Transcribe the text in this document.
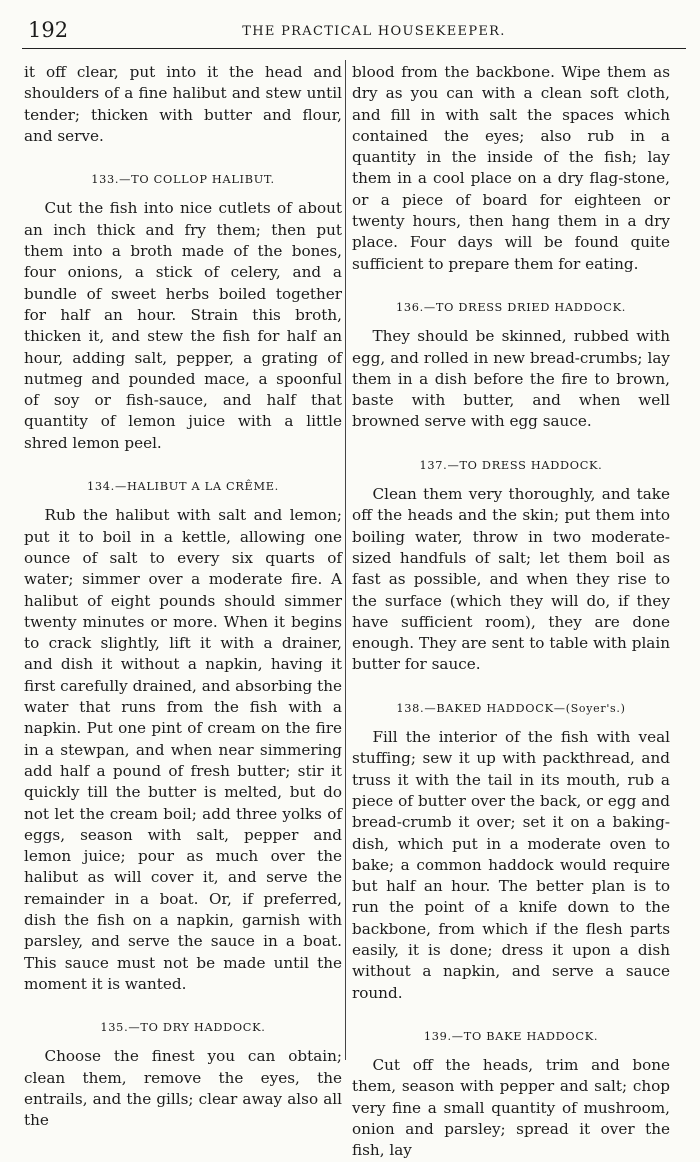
192	THE PRACTICAL HOUSEKEEPER.

it off clear, put into it the head and shoulders of a fine halibut and stew until tender; thicken with butter and flour, and serve.

133.—TO COLLOP HALIBUT.

Cut the fish into nice cutlets of about an inch thick and fry them; then put them into a broth made of the bones, four onions, a stick of celery, and a bundle of sweet herbs boiled together for half an hour. Strain this broth, thicken it, and stew the fish for half an hour, adding salt, pepper, a grating of nutmeg and pounded mace, a spoonful of soy or fish-sauce, and half that quantity of lemon juice with a little shred lemon peel.

134.—HALIBUT A LA CRÊME.

Rub the halibut with salt and lemon; put it to boil in a kettle, allowing one ounce of salt to every six quarts of water; simmer over a moderate fire. A halibut of eight pounds should simmer twenty minutes or more. When it begins to crack slightly, lift it with a drainer, and dish it without a napkin, having it first carefully drained, and absorbing the water that runs from the fish with a napkin. Put one pint of cream on the fire in a stewpan, and when near simmering add half a pound of fresh butter; stir it quickly till the butter is melted, but do not let the cream boil; add three yolks of eggs, season with salt, pepper and lemon juice; pour as much over the halibut as will cover it, and serve the remainder in a boat. Or, if preferred, dish the fish on a napkin, garnish with parsley, and serve the sauce in a boat. This sauce must not be made until the moment it is wanted.

135.—TO DRY HADDOCK.

Choose the finest you can obtain; clean them, remove the eyes, the entrails, and the gills; clear away also all the

blood from the backbone. Wipe them as dry as you can with a clean soft cloth, and fill in with salt the spaces which contained the eyes; also rub in a quantity in the inside of the fish; lay them in a cool place on a dry flag-stone, or a piece of board for eighteen or twenty hours, then hang them in a dry place. Four days will be found quite sufficient to prepare them for eating.

136.—TO DRESS DRIED HADDOCK.

They should be skinned, rubbed with egg, and rolled in new bread-crumbs; lay them in a dish before the fire to brown, baste with butter, and when well browned serve with egg sauce.

137.—TO DRESS HADDOCK.

Clean them very thoroughly, and take off the heads and the skin; put them into boiling water, throw in two moderate-sized handfuls of salt; let them boil as fast as possible, and when they rise to the surface (which they will do, if they have sufficient room), they are done enough. They are sent to table with plain butter for sauce.

138.—BAKED HADDOCK—(Soyer's.)

Fill the interior of the fish with veal stuffing; sew it up with packthread, and truss it with the tail in its mouth, rub a piece of butter over the back, or egg and bread-crumb it over; set it on a baking-dish, which put in a moderate oven to bake; a common haddock would require but half an hour. The better plan is to run the point of a knife down to the backbone, from which if the flesh parts easily, it is done; dress it upon a dish without a napkin, and serve a sauce round.

139.—TO BAKE HADDOCK.

Cut off the heads, trim and bone them, season with pepper and salt; chop very fine a small quantity of mushroom, onion and parsley; spread it over the fish, lay
